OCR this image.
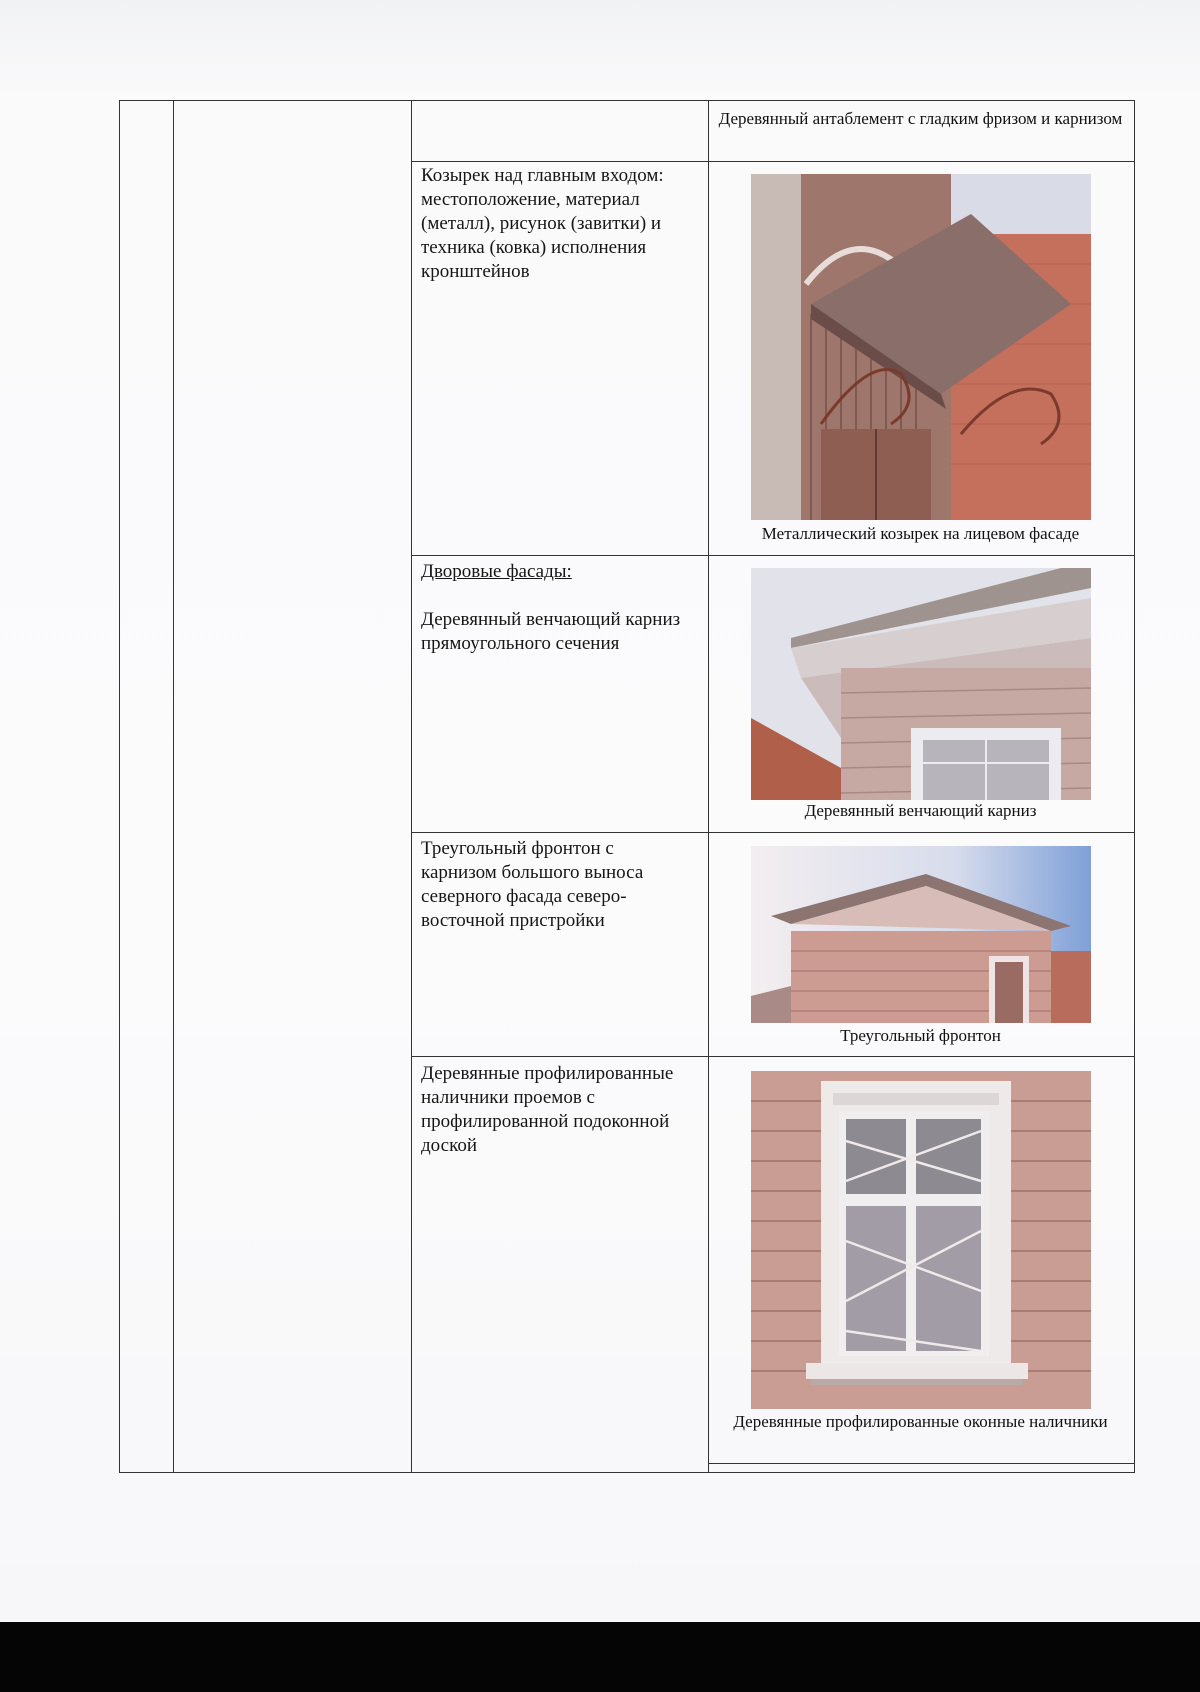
Деревянный антаблемент с гладким фризом и карнизом
Козырек над главным входом: местоположение, материал (металл), рисунок (завитки) и техника (ковка) исполнения кронштейнов
Металлический козырек на лицевом фасаде
Дворовые фасады:
Деревянный венчающий карниз прямоугольного сечения
Деревянный венчающий карниз
Треугольный фронтон с карнизом большого выноса северного фасада северо-восточной пристройки
Треугольный фронтон
Деревянные профилированные наличники проемов с профилированной подоконной доской
Деревянные профилированные оконные наличники
